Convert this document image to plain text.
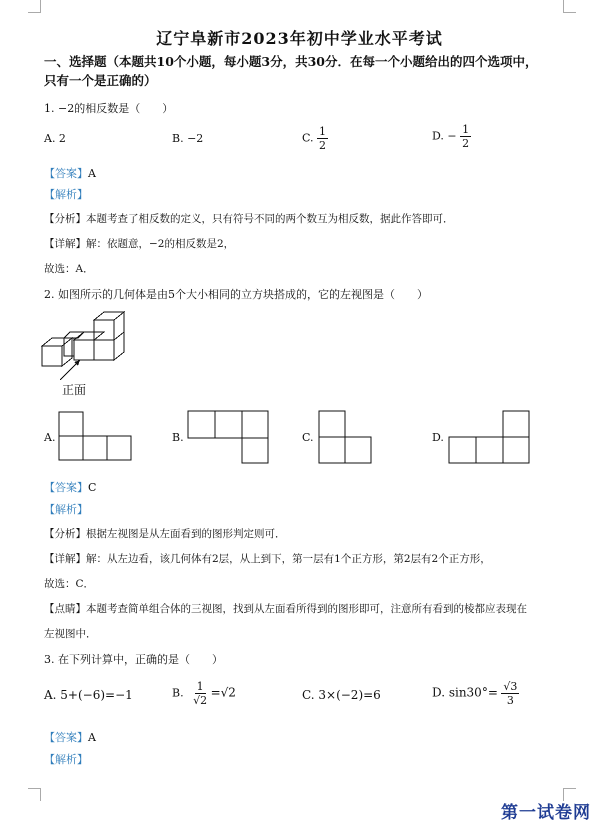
辽宁阜新市2023年初中学业水平考试
一、选择题（本题共10个小题，每小题3分，共30分．在每一个小题给出的四个选项中，
只有一个是正确的）
1. −2的相反数是（　　）
A. 2	B. −2	C. $\frac{1}{2}$	D. − $\frac{1}{2}$
【答案】A
【解析】
【分析】本题考查了相反数的定义，只有符号不同的两个数互为相反数，据此作答即可．
【详解】解：依题意，−2的相反数是2，
故选：A．
2. 如图所示的几何体是由5个大小相同的立方块搭成的，它的左视图是（　　）
正面
A.	B.	C.	D.
【答案】C
【解析】
【分析】根据左视图是从左面看到的图形判定则可．
【详解】解：从左边看，该几何体有2层，从上到下，第一层有1个正方形，第2层有2个正方形，
故选：C．
【点睛】本题考查简单组合体的三视图，找到从左面看所得到的图形即可，注意所有看到的棱都应表现在
左视图中．
3. 在下列计算中，正确的是（　　）
A. 5+(−6)=−1	B. $\frac{1}{√2} =√2$	C. 3×(−2)=6	D. $\sin 30^\circ= \frac{√3}{3}$
【答案】A
【解析】
第一试卷网
